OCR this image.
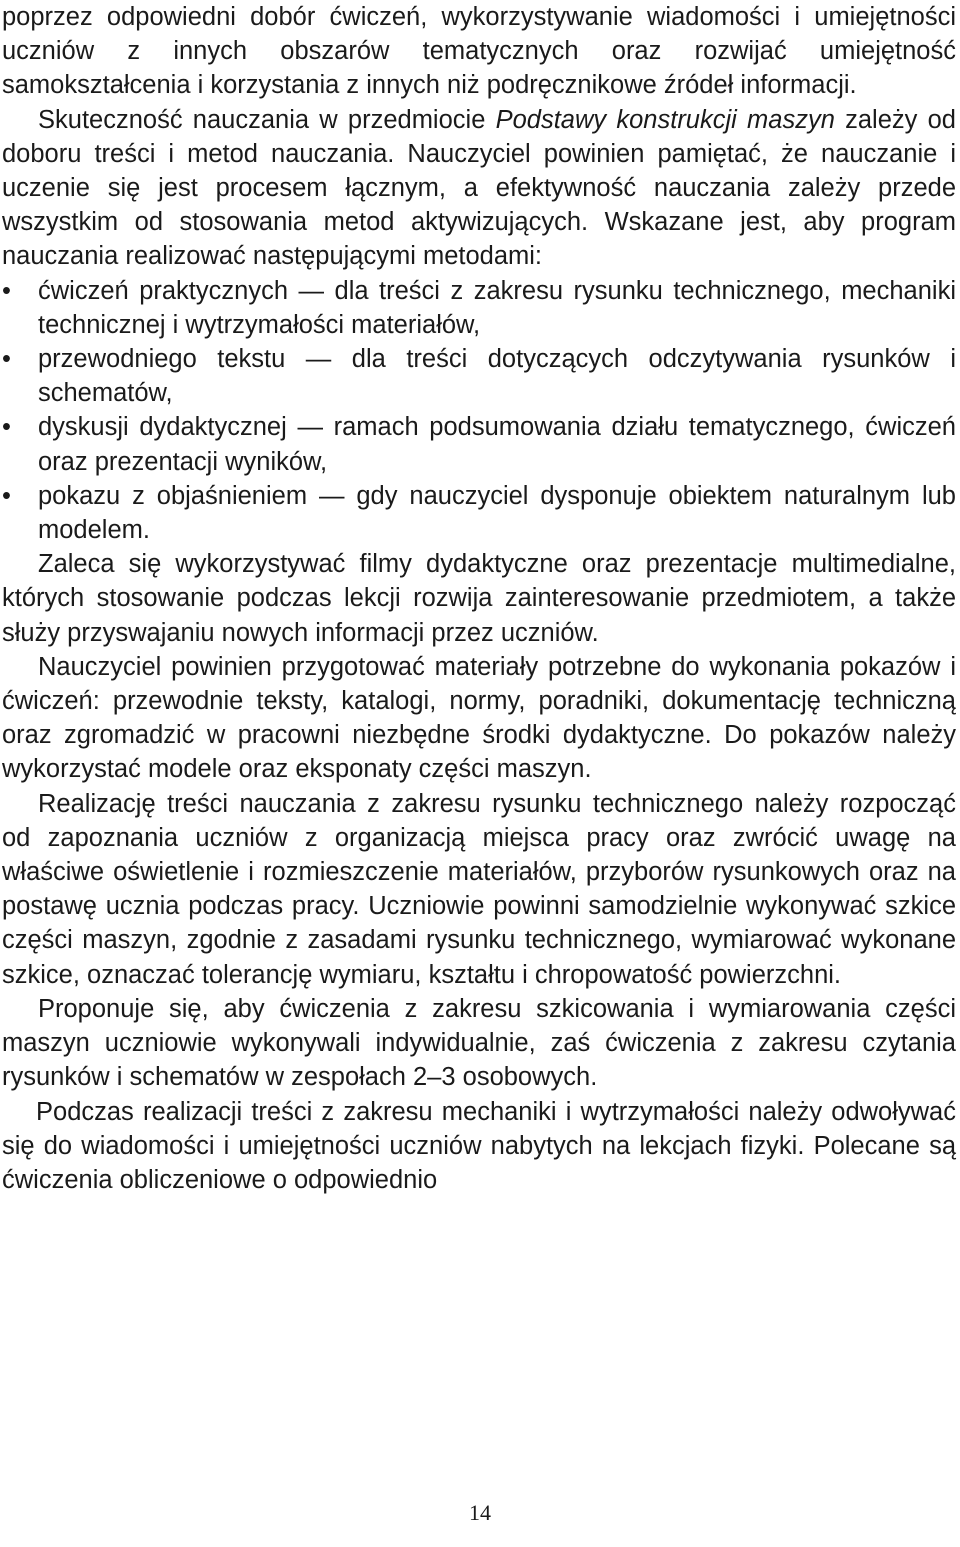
poprzez odpowiedni dobór ćwiczeń, wykorzystywanie wiadomości i umiejętności uczniów z innych obszarów tematycznych oraz rozwijać umiejętność samokształcenia i korzystania z innych niż podręcznikowe źródeł informacji.
Skuteczność nauczania w przedmiocie Podstawy konstrukcji maszyn zależy od doboru treści i metod nauczania. Nauczyciel powinien pamiętać, że nauczanie i uczenie się jest procesem łącznym, a efektywność nauczania zależy przede wszystkim od stosowania metod aktywizujących. Wskazane jest, aby program nauczania realizować następującymi metodami:

•	ćwiczeń praktycznych — dla treści z zakresu rysunku technicznego, mechaniki technicznej i wytrzymałości materiałów,
•	przewodniego tekstu — dla treści dotyczących odczytywania rysunków i schematów,
•	dyskusji dydaktycznej — ramach podsumowania działu tematycznego, ćwiczeń oraz prezentacji wyników,
•	pokazu z objaśnieniem — gdy nauczyciel dysponuje obiektem naturalnym lub modelem.

Zaleca się wykorzystywać filmy dydaktyczne oraz prezentacje multimedialne, których stosowanie podczas lekcji rozwija zainteresowanie przedmiotem, a także służy przyswajaniu nowych informacji przez uczniów.

Nauczyciel powinien przygotować materiały potrzebne do wykonania pokazów i ćwiczeń: przewodnie teksty, katalogi, normy, poradniki, dokumentację techniczną oraz zgromadzić w pracowni niezbędne środki dydaktyczne. Do pokazów należy wykorzystać modele oraz eksponaty części maszyn.

Realizację treści nauczania z zakresu rysunku technicznego należy rozpocząć od zapoznania uczniów z organizacją miejsca pracy oraz zwrócić uwagę na właściwe oświetlenie i rozmieszczenie materiałów, przyborów rysunkowych oraz na postawę ucznia podczas pracy. Uczniowie powinni samodzielnie wykonywać szkice części maszyn, zgodnie z zasadami rysunku technicznego, wymiarować wykonane szkice, oznaczać tolerancję wymiaru, kształtu i chropowatość powierzchni.

Proponuje się, aby ćwiczenia z zakresu szkicowania i wymiarowania części maszyn uczniowie wykonywali indywidualnie, zaś ćwiczenia z zakresu czytania rysunków i schematów w zespołach 2–3 osobowych.

Podczas realizacji treści z zakresu mechaniki i wytrzymałości należy odwoływać się do wiadomości i umiejętności uczniów nabytych na lekcjach fizyki. Polecane są ćwiczenia obliczeniowe o odpowiednio

14
